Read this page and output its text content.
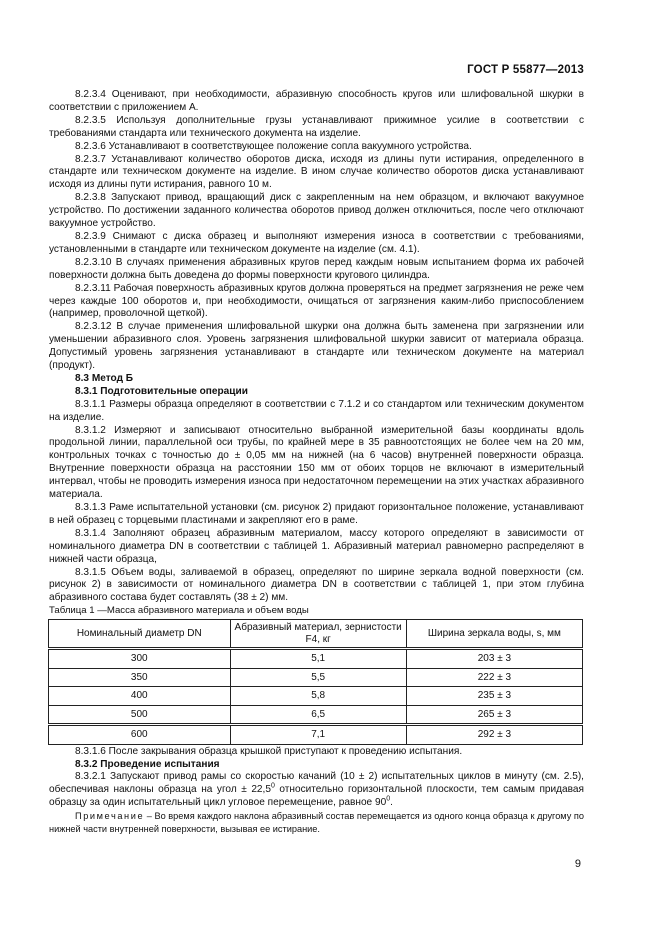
ГОСТ Р 55877—2013

8.2.3.4 Оценивают, при необходимости, абразивную способность кругов или шлифовальной шкурки в соответствии с приложением А.

8.2.3.5 Используя дополнительные грузы устанавливают прижимное усилие в соответствии с требованиями стандарта или технического документа на изделие.

8.2.3.6 Устанавливают в соответствующее положение сопла вакуумного устройства.

8.2.3.7 Устанавливают количество оборотов диска, исходя из длины пути истирания, определенного в стандарте или техническом документе на изделие. В ином случае количество оборотов диска устанавливают исходя из длины пути истирания, равного 10 м.

8.2.3.8 Запускают привод, вращающий диск с закрепленным на нем образцом, и включают вакуумное устройство. По достижении заданного количества оборотов привод должен отключиться, после чего отключают вакуумное устройство.

8.2.3.9 Снимают с диска образец и выполняют измерения износа в соответствии с требованиями, установленными в стандарте или техническом документе на изделие (см. 4.1).

8.2.3.10 В случаях применения абразивных кругов перед каждым новым испытанием форма их рабочей поверхности должна быть доведена до формы поверхности кругового цилиндра.

8.2.3.11 Рабочая поверхность абразивных кругов должна проверяться на предмет загрязнения не реже чем через каждые 100 оборотов и, при необходимости, очищаться от загрязнения каким-либо приспособлением (например, проволочной щеткой).

8.2.3.12 В случае применения шлифовальной шкурки она должна быть заменена при загрязнении или уменьшении абразивного слоя. Уровень загрязнения шлифовальной шкурки зависит от материала образца. Допустимый уровень загрязнения устанавливают в стандарте или техническом документе на материал (продукт).

8.3 Метод Б

8.3.1 Подготовительные операции

8.3.1.1 Размеры образца определяют в соответствии с 7.1.2 и со стандартом или техническим документом на изделие.

8.3.1.2 Измеряют и записывают относительно выбранной измерительной базы координаты вдоль продольной линии, параллельной оси трубы, по крайней мере в 35 равноотстоящих не более чем на 20 мм, контрольных точках с точностью до ± 0,05 мм на нижней (на 6 часов) внутренней поверхности образца. Внутренние поверхности образца на расстоянии 150 мм от обоих торцов не включают в измерительный интервал, чтобы не проводить измерения износа при недостаточном перемещении на этих участках абразивного материала.

8.3.1.3 Раме испытательной установки (см. рисунок 2) придают горизонтальное положение, устанавливают в ней образец с торцевыми пластинами и закрепляют его в раме.

8.3.1.4 Заполняют образец абразивным материалом, массу которого определяют в зависимости от номинального диаметра DN в соответствии с таблицей 1. Абразивный материал равномерно распределяют в нижней части образца,

8.3.1.5 Объем воды, заливаемой в образец, определяют по ширине зеркала водной поверхности (см. рисунок 2) в зависимости от номинального диаметра DN в соответствии с таблицей 1, при этом глубина абразивного состава будет составлять (38 ± 2) мм.

Таблица 1 —Масса абразивного материала и объем воды

Номинальный диаметр DN	Абразивный материал, зернистости F4, кг	Ширина зеркала воды, s, мм
300	5,1	203 ± 3
350	5,5	222 ± 3
400	5,8	235 ± 3
500	6,5	265 ± 3
600	7,1	292 ± 3

8.3.1.6 После закрывания образца крышкой приступают к проведению испытания.

8.3.2 Проведение испытания

8.3.2.1 Запускают привод рамы со скоростью качаний (10 ± 2) испытательных циклов в минуту (см. 2.5), обеспечивая наклоны образца на угол ± $22,5^0$ относительно горизонтальной плоскости, тем самым придавая образцу за один испытательный цикл угловое перемещение, равное $90^0$.

Примечание – Во время каждого наклона абразивный состав перемещается из одного конца образца к другому по нижней части внутренней поверхности, вызывая ее истирание.

9
